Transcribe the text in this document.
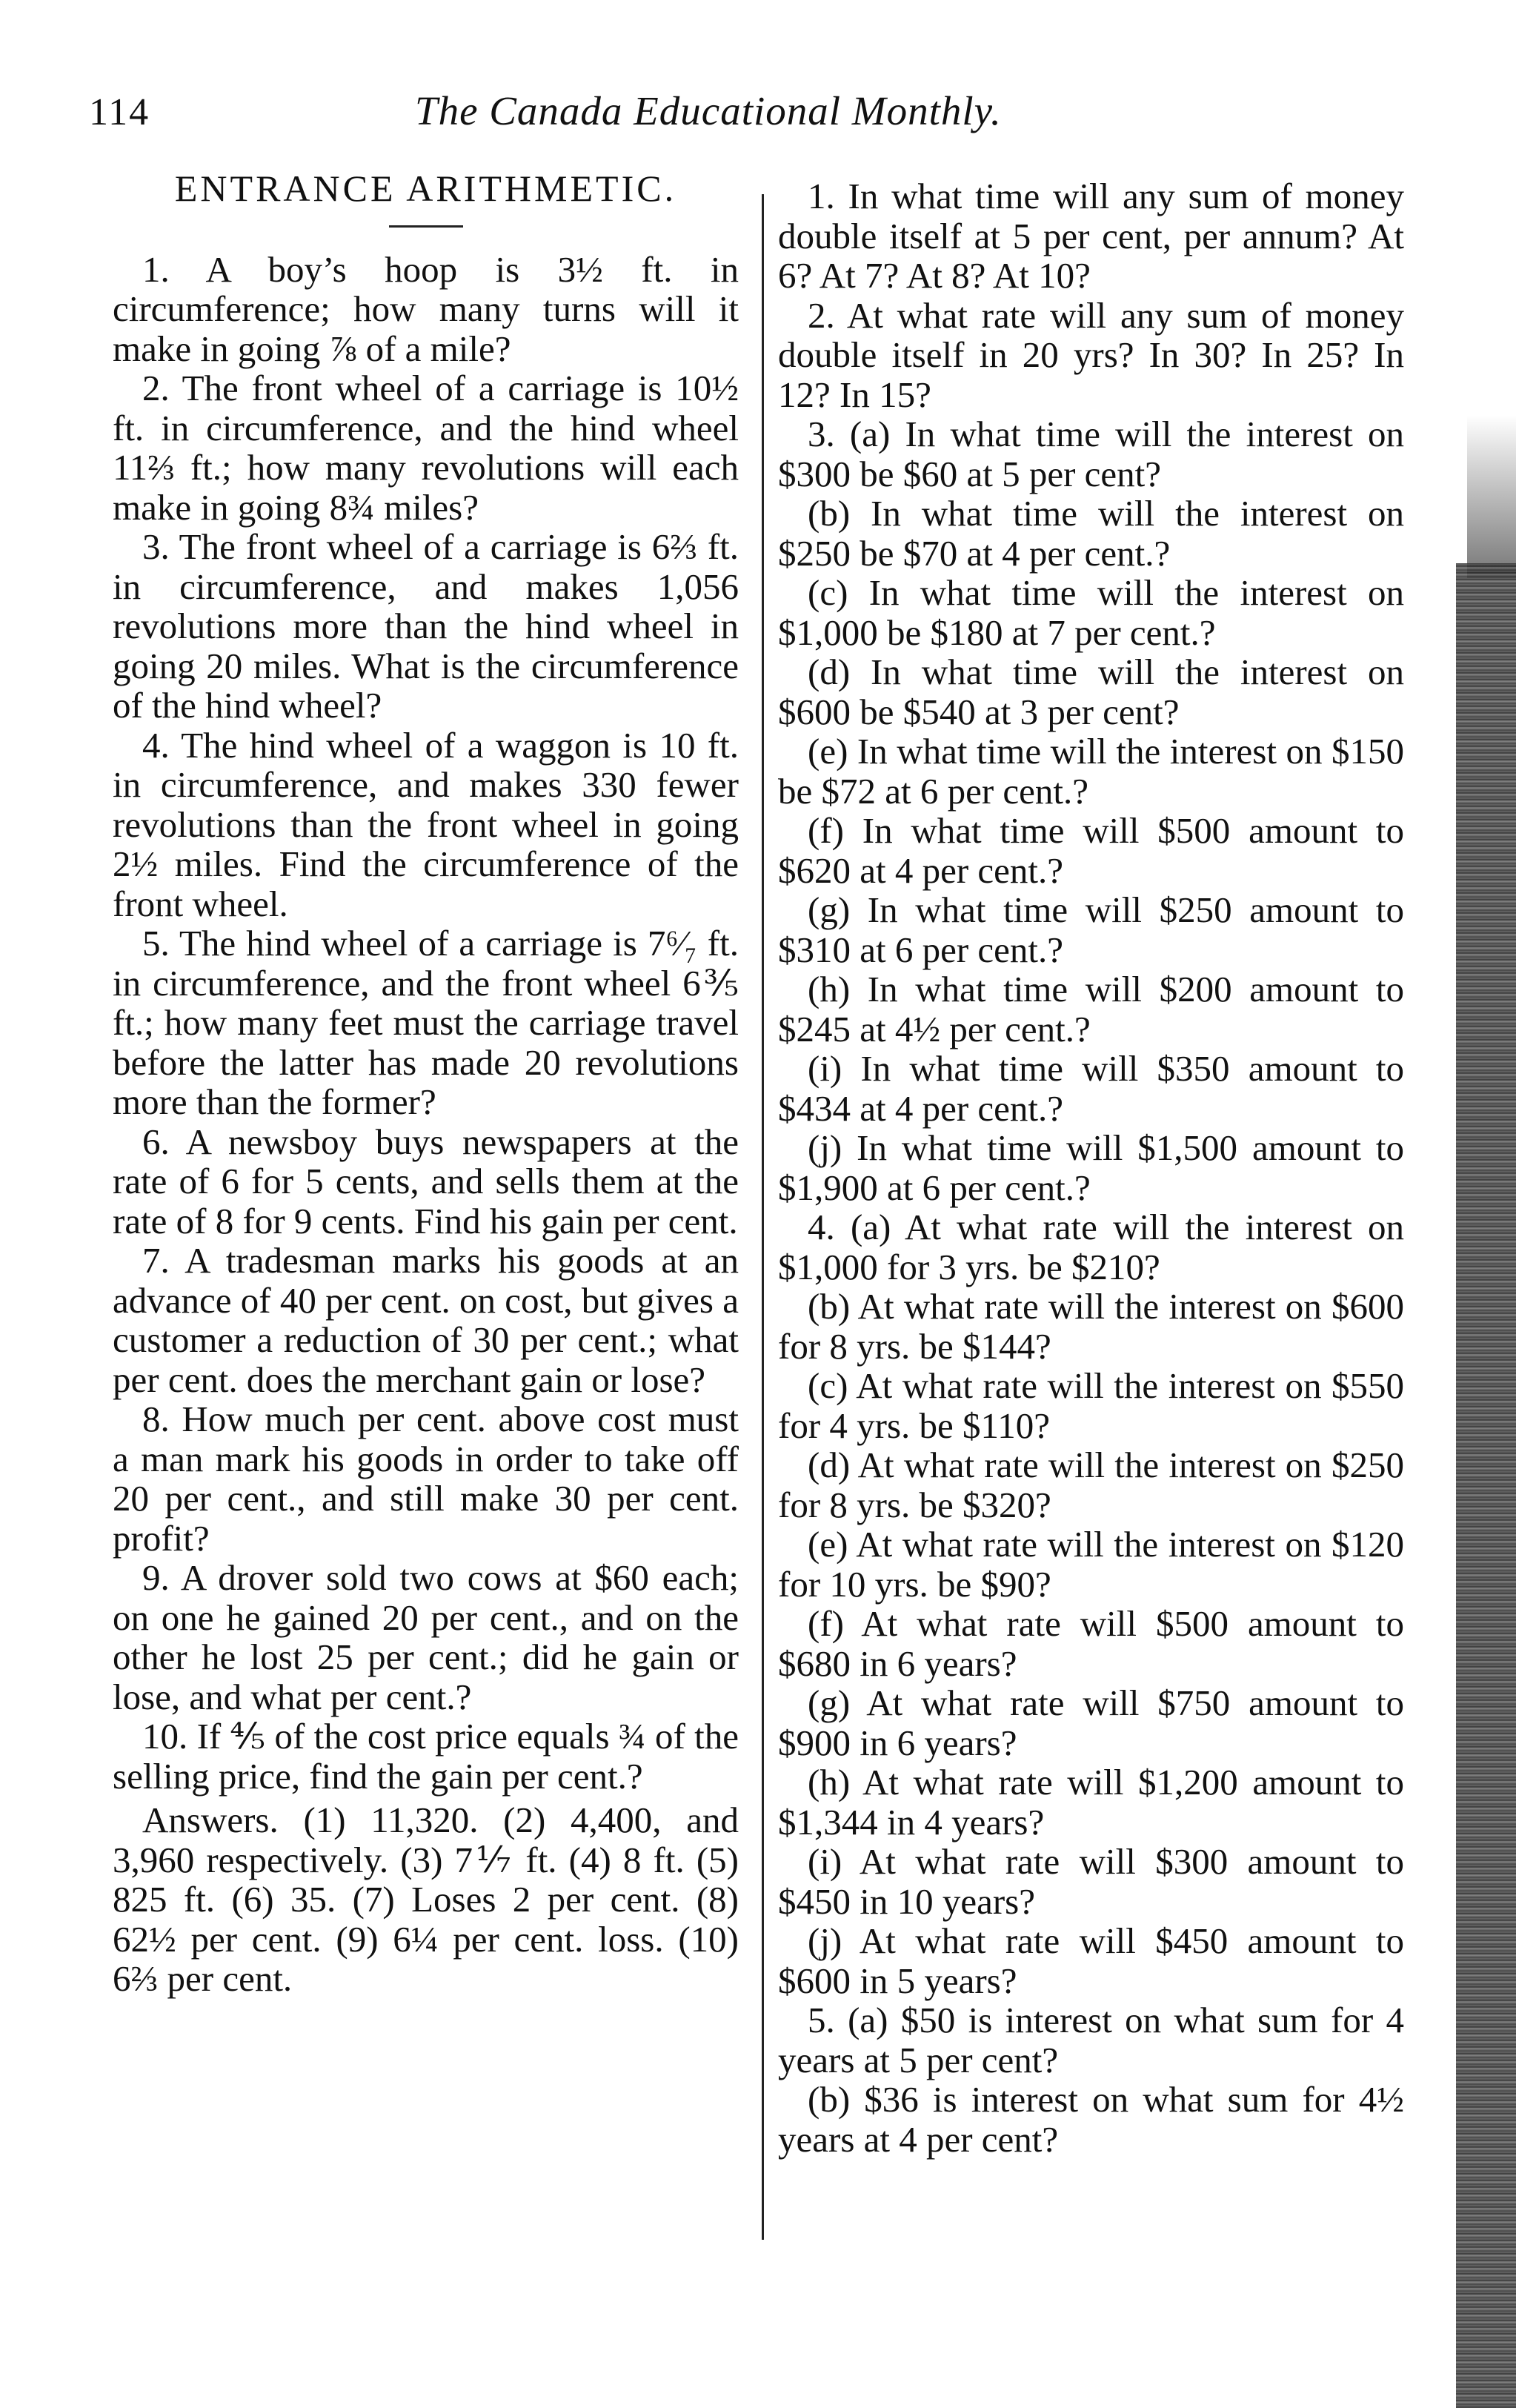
114	The Canada Educational Monthly.
ENTRANCE ARITHMETIC.

1. A boy’s hoop is 3½ ft. in circumference; how many turns will it make in going ⅞ of a mile?

2. The front wheel of a carriage is 10½ ft. in circumference, and the hind wheel 11⅔ ft.; how many revolutions will each make in going 8¾ miles?

3. The front wheel of a carriage is 6⅔ ft. in circumference, and makes 1,056 revolutions more than the hind wheel in going 20 miles. What is the circumference of the hind wheel?

4. The hind wheel of a waggon is 10 ft. in circumference, and makes 330 fewer revolutions than the front wheel in going 2½ miles. Find the circumference of the front wheel.

5. The hind wheel of a carriage is 7⁶⁄₇ ft. in circumference, and the front wheel 6⅗ ft.; how many feet must the carriage travel before the latter has made 20 revolutions more than the former?

6. A newsboy buys newspapers at the rate of 6 for 5 cents, and sells them at the rate of 8 for 9 cents. Find his gain per cent.

7. A tradesman marks his goods at an advance of 40 per cent. on cost, but gives a customer a reduction of 30 per cent.; what per cent. does the merchant gain or lose?

8. How much per cent. above cost must a man mark his goods in order to take off 20 per cent., and still make 30 per cent. profit?

9. A drover sold two cows at $60 each; on one he gained 20 per cent., and on the other he lost 25 per cent.; did he gain or lose, and what per cent.?

10. If ⅘ of the cost price equals ¾ of the selling price, find the gain per cent.?

Answers. (1) 11,320. (2) 4,400, and 3,960 respectively. (3) 7⅐ ft. (4) 8 ft. (5) 825 ft. (6) 35. (7) Loses 2 per cent. (8) 62½ per cent. (9) 6¼ per cent. loss. (10) 6⅔ per cent.

1. In what time will any sum of money double itself at 5 per cent, per annum? At 6? At 7? At 8? At 10?

2. At what rate will any sum of money double itself in 20 yrs? In 30? In 25? In 12? In 15?

3. (a) In what time will the interest on $300 be $60 at 5 per cent?

(b) In what time will the interest on $250 be $70 at 4 per cent.?

(c) In what time will the interest on $1,000 be $180 at 7 per cent.?

(d) In what time will the interest on $600 be $540 at 3 per cent?

(e) In what time will the interest on $150 be $72 at 6 per cent.?

(f) In what time will $500 amount to $620 at 4 per cent.?

(g) In what time will $250 amount to $310 at 6 per cent.?

(h) In what time will $200 amount to $245 at 4½ per cent.?

(i) In what time will $350 amount to $434 at 4 per cent.?

(j) In what time will $1,500 amount to $1,900 at 6 per cent.?

4. (a) At what rate will the interest on $1,000 for 3 yrs. be $210?

(b) At what rate will the interest on $600 for 8 yrs. be $144?

(c) At what rate will the interest on $550 for 4 yrs. be $110?

(d) At what rate will the interest on $250 for 8 yrs. be $320?

(e) At what rate will the interest on $120 for 10 yrs. be $90?

(f) At what rate will $500 amount to $680 in 6 years?

(g) At what rate will $750 amount to $900 in 6 years?

(h) At what rate will $1,200 amount to $1,344 in 4 years?

(i) At what rate will $300 amount to $450 in 10 years?

(j) At what rate will $450 amount to $600 in 5 years?

5. (a) $50 is interest on what sum for 4 years at 5 per cent?

(b) $36 is interest on what sum for 4½ years at 4 per cent?
